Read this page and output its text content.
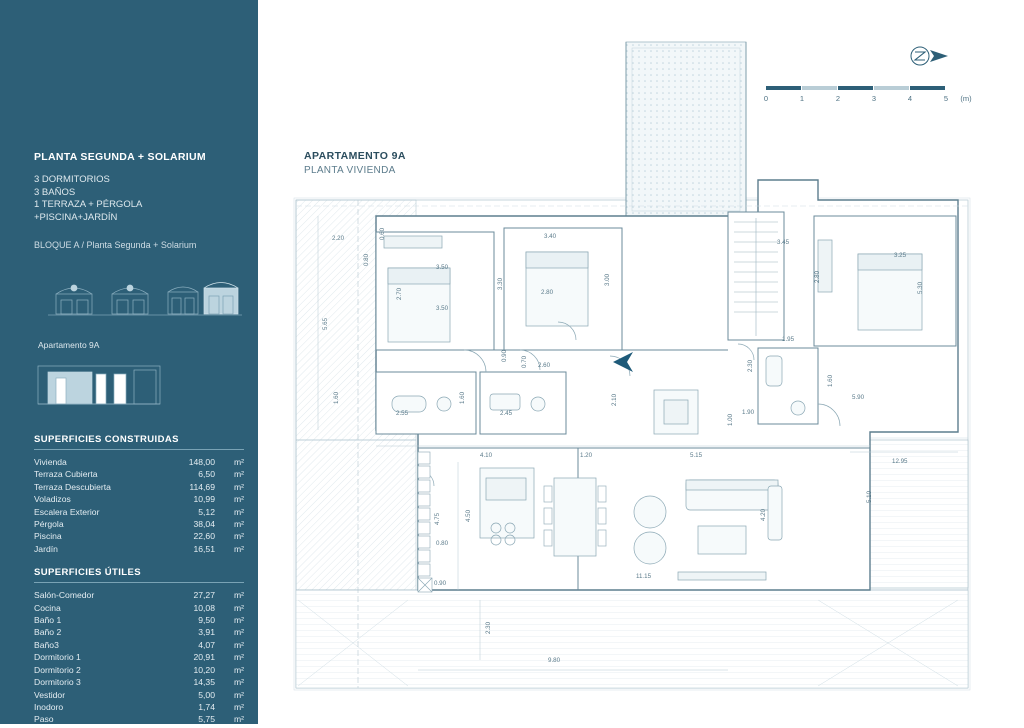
PLANTA SEGUNDA + SOLARIUM
3 DORMITORIOS
3 BAÑOS
1 TERRAZA + PÉRGOLA
+PISCINA+JARDÍN
BLOQUE A / Planta Segunda + Solarium
Apartamento 9A
SUPERFICIES CONSTRUIDAS
Vivienda	148,00	m²
Terraza Cubierta	6,50	m²
Terraza Descubierta	114,69	m²
Voladizos	10,99	m²
Escalera Exterior	5,12	m²
Pérgola	38,04	m²
Piscina	22,60	m²
Jardín	16,51	m²
SUPERFICIES ÚTILES
Salón-Comedor	27,27	m²
Cocina	10,08	m²
Baño 1	9,50	m²
Baño 2	3,91	m²
Baño3	4,07	m²
Dormitorio 1	20,91	m²
Dormitorio 2	10,20	m²
Dormitorio 3	14,35	m²
Vestidor	5,00	m²
Inodoro	1,74	m²
Paso	5,75	m²
APARTAMENTO 9A
PLANTA VIVIENDA
0	1	2	3	4	5 (m)
2.20	0.60
0.80
3.50
3.50
2.70
5.65
3.40
3.30
2.80
3.00
0.90
2.60
0.70
2.10
1.60
2.55
1.60
2.45
1.00
1.90
2.30
1.95
3.45
2.80
3.25
5.30
1.60
5.90
4.10	1.20	5.15
12.95
5.10
4.50
4.75	4.20
0.80
0.90
11.15
2.30
9.80
